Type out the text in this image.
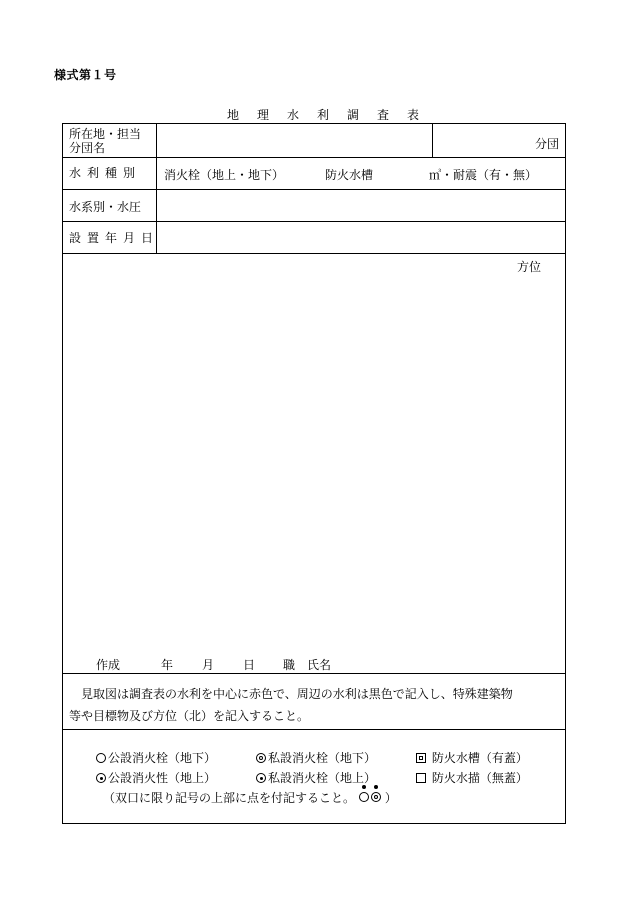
様式第１号
地理水利調査表
所在地・担当
分団名	分団
水利種別 消火栓（地上・地下）	防火水槽	㎥・耐震（有・無）
水系別・水圧
設置年月日
方位
作成	年 月 日 職　氏名
見取図は調査表の水利を中心に赤色で、周辺の水利は黒色で記入し、特殊建築物
等や目標物及び方位（北）を記入すること。
公設消火栓（地下）	私設消火栓（地下）	防火水槽（有蓋）
公設消火性（地上）	私設消火栓（地上）	防火水描（無蓋）
（双口に限り記号の上部に点を付記すること。 ）
